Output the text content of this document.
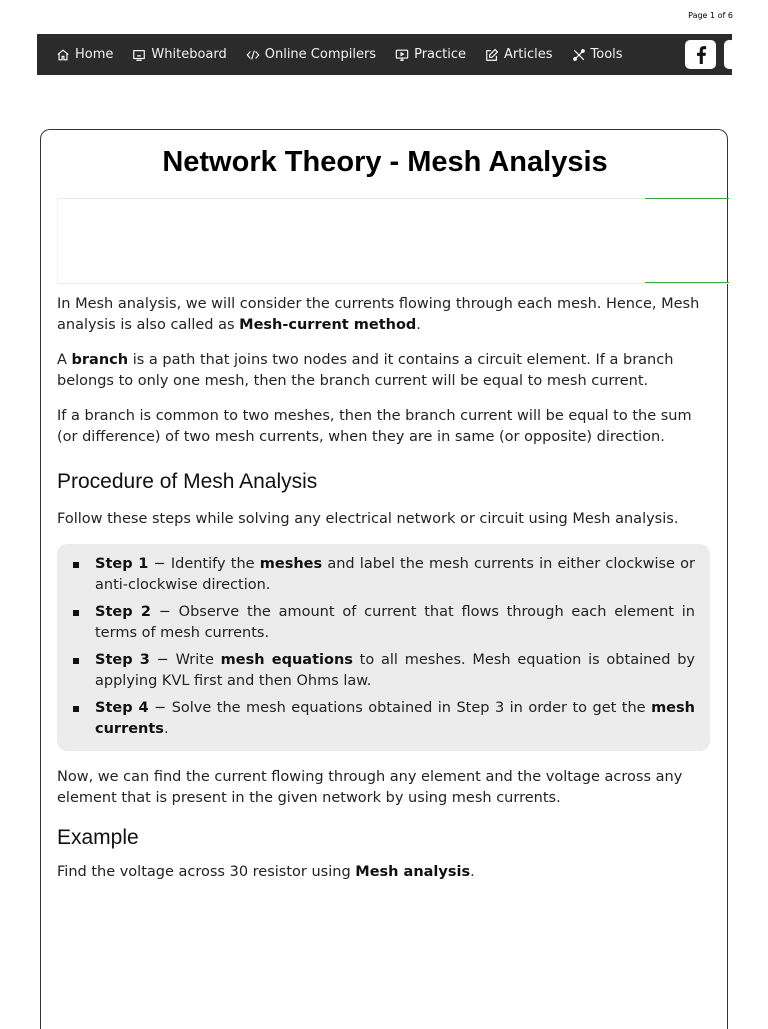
Page 1 of 6
Home	Whiteboard	Online Compilers	Practice	Articles	Tools
Network Theory - Mesh Analysis

In Mesh analysis, we will consider the currents flowing through each mesh. Hence, Mesh analysis is also called as Mesh-current method.

A branch is a path that joins two nodes and it contains a circuit element. If a branch belongs to only one mesh, then the branch current will be equal to mesh current.

If a branch is common to two meshes, then the branch current will be equal to the sum (or difference) of two mesh currents, when they are in same (or opposite) direction.

Procedure of Mesh Analysis

Follow these steps while solving any electrical network or circuit using Mesh analysis.

Step 1 − Identify the meshes and label the mesh currents in either clockwise or anti-clockwise direction.
Step 2 − Observe the amount of current that flows through each element in terms of mesh currents.
Step 3 − Write mesh equations to all meshes. Mesh equation is obtained by applying KVL first and then Ohms law.
Step 4 − Solve the mesh equations obtained in Step 3 in order to get the mesh currents.

Now, we can find the current flowing through any element and the voltage across any element that is present in the given network by using mesh currents.

Example

Find the voltage across 30 resistor using Mesh analysis.
